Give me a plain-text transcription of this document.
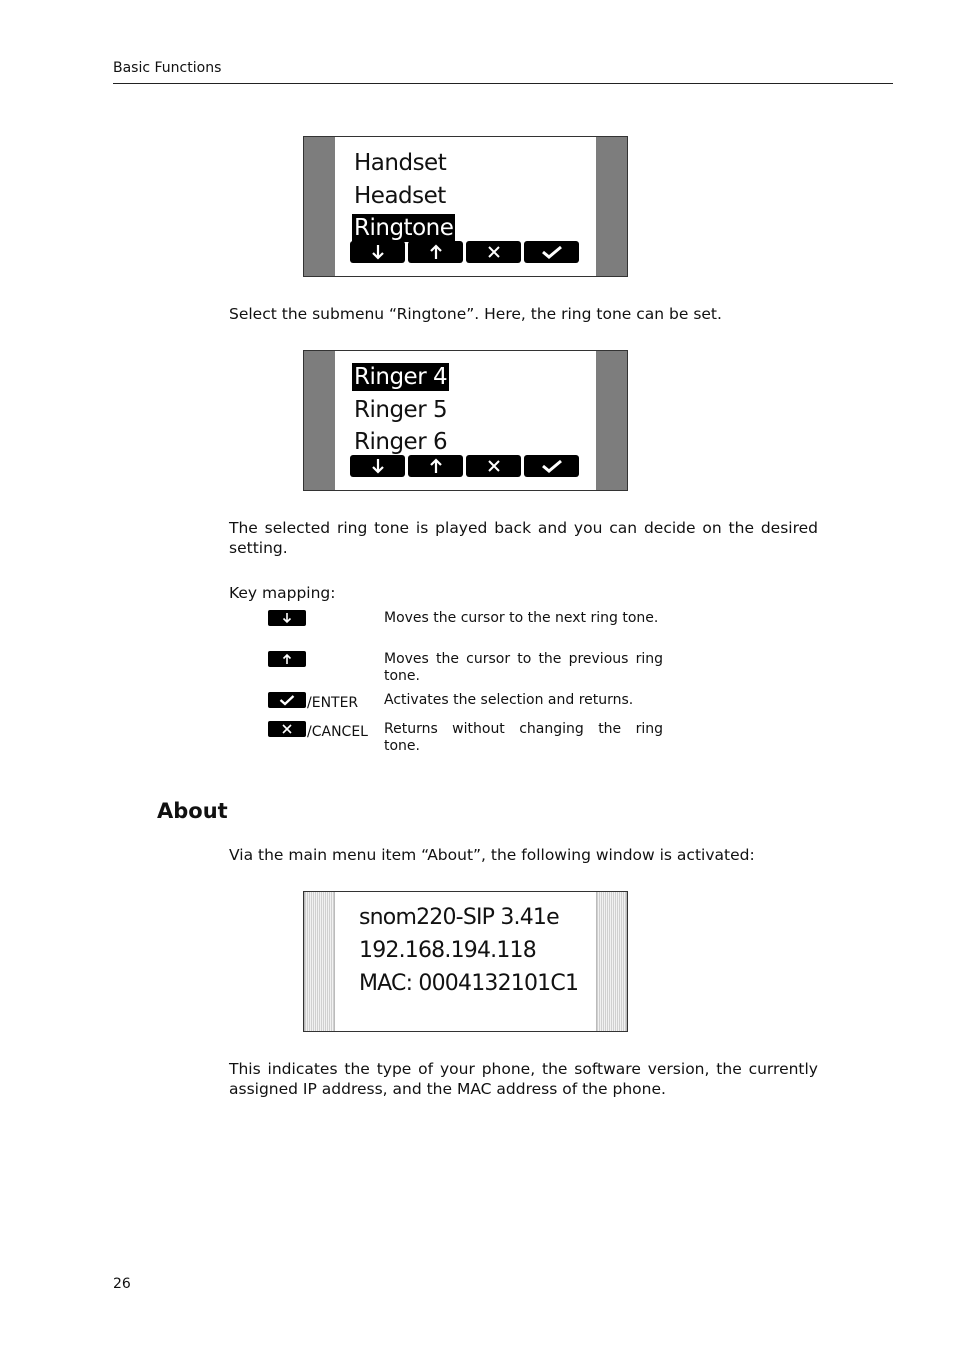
Basic Functions
Handset
Headset
Ringtone
Select the submenu “Ringtone”. Here, the ring tone can be set.
Ringer 4
Ringer 5
Ringer 6
The selected ring tone is played back and you can decide on the desired setting.
Key mapping:
Moves the cursor to the next ring tone.
Moves the cursor to the previous ring tone.
/ENTER Activates the selection and returns.
/CANCEL Returns without changing the ring tone.
About
Via the main menu item “About”, the following window is activated:
snom220-SIP 3.41e
192.168.194.118
MAC: 0004132101C1
This indicates the type of your phone, the software version, the currently assigned IP address, and the MAC address of the phone.
26
